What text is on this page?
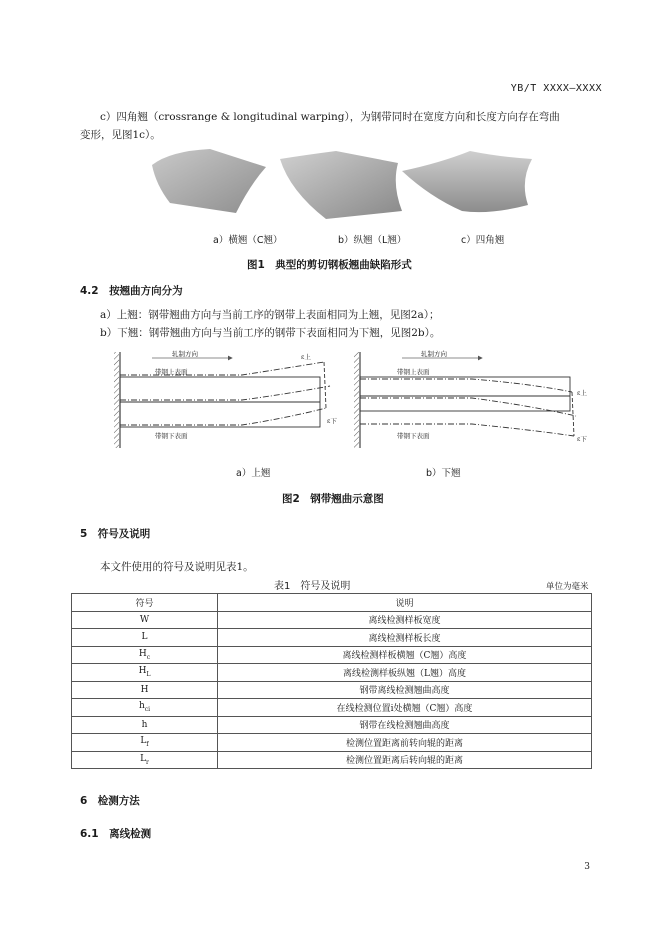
YB/T XXXX—XXXX
c）四角翘（crossrange & longitudinal warping），为钢带同时在宽度方向和长度方向存在弯曲
变形，见图1c）。
a）横翘（C翘）	b）纵翘（L翘）	c）四角翘
图1　典型的剪切钢板翘曲缺陷形式
4.2　按翘曲方向分为
a）上翘：钢带翘曲方向与当前工序的钢带上表面相同为上翘，见图2a）；
b）下翘：钢带翘曲方向与当前工序的钢带下表面相同为下翘，见图2b）。
轧制方向
带钢上表面
带钢下表面
ε上
ε下
轧制方向
带钢上表面
带钢下表面
ε上
ε下
a）上翘	b）下翘
图2　钢带翘曲示意图
5　符号及说明
本文件使用的符号及说明见表1。
表1　符号及说明	单位为毫米
符号	说明
W	离线检测样板宽度
L	离线检测样板长度
$H_c$	离线检测样板横翘（C翘）高度
$H_L$	离线检测样板纵翘（L翘）高度
H	钢带离线检测翘曲高度
$h_{ci}$	在线检测位置i处横翘（C翘）高度
h	钢带在线检测翘曲高度
$L_f$	检测位置距离前转向辊的距离
$L_r$	检测位置距离后转向辊的距离
6　检测方法
6.1　离线检测
3
